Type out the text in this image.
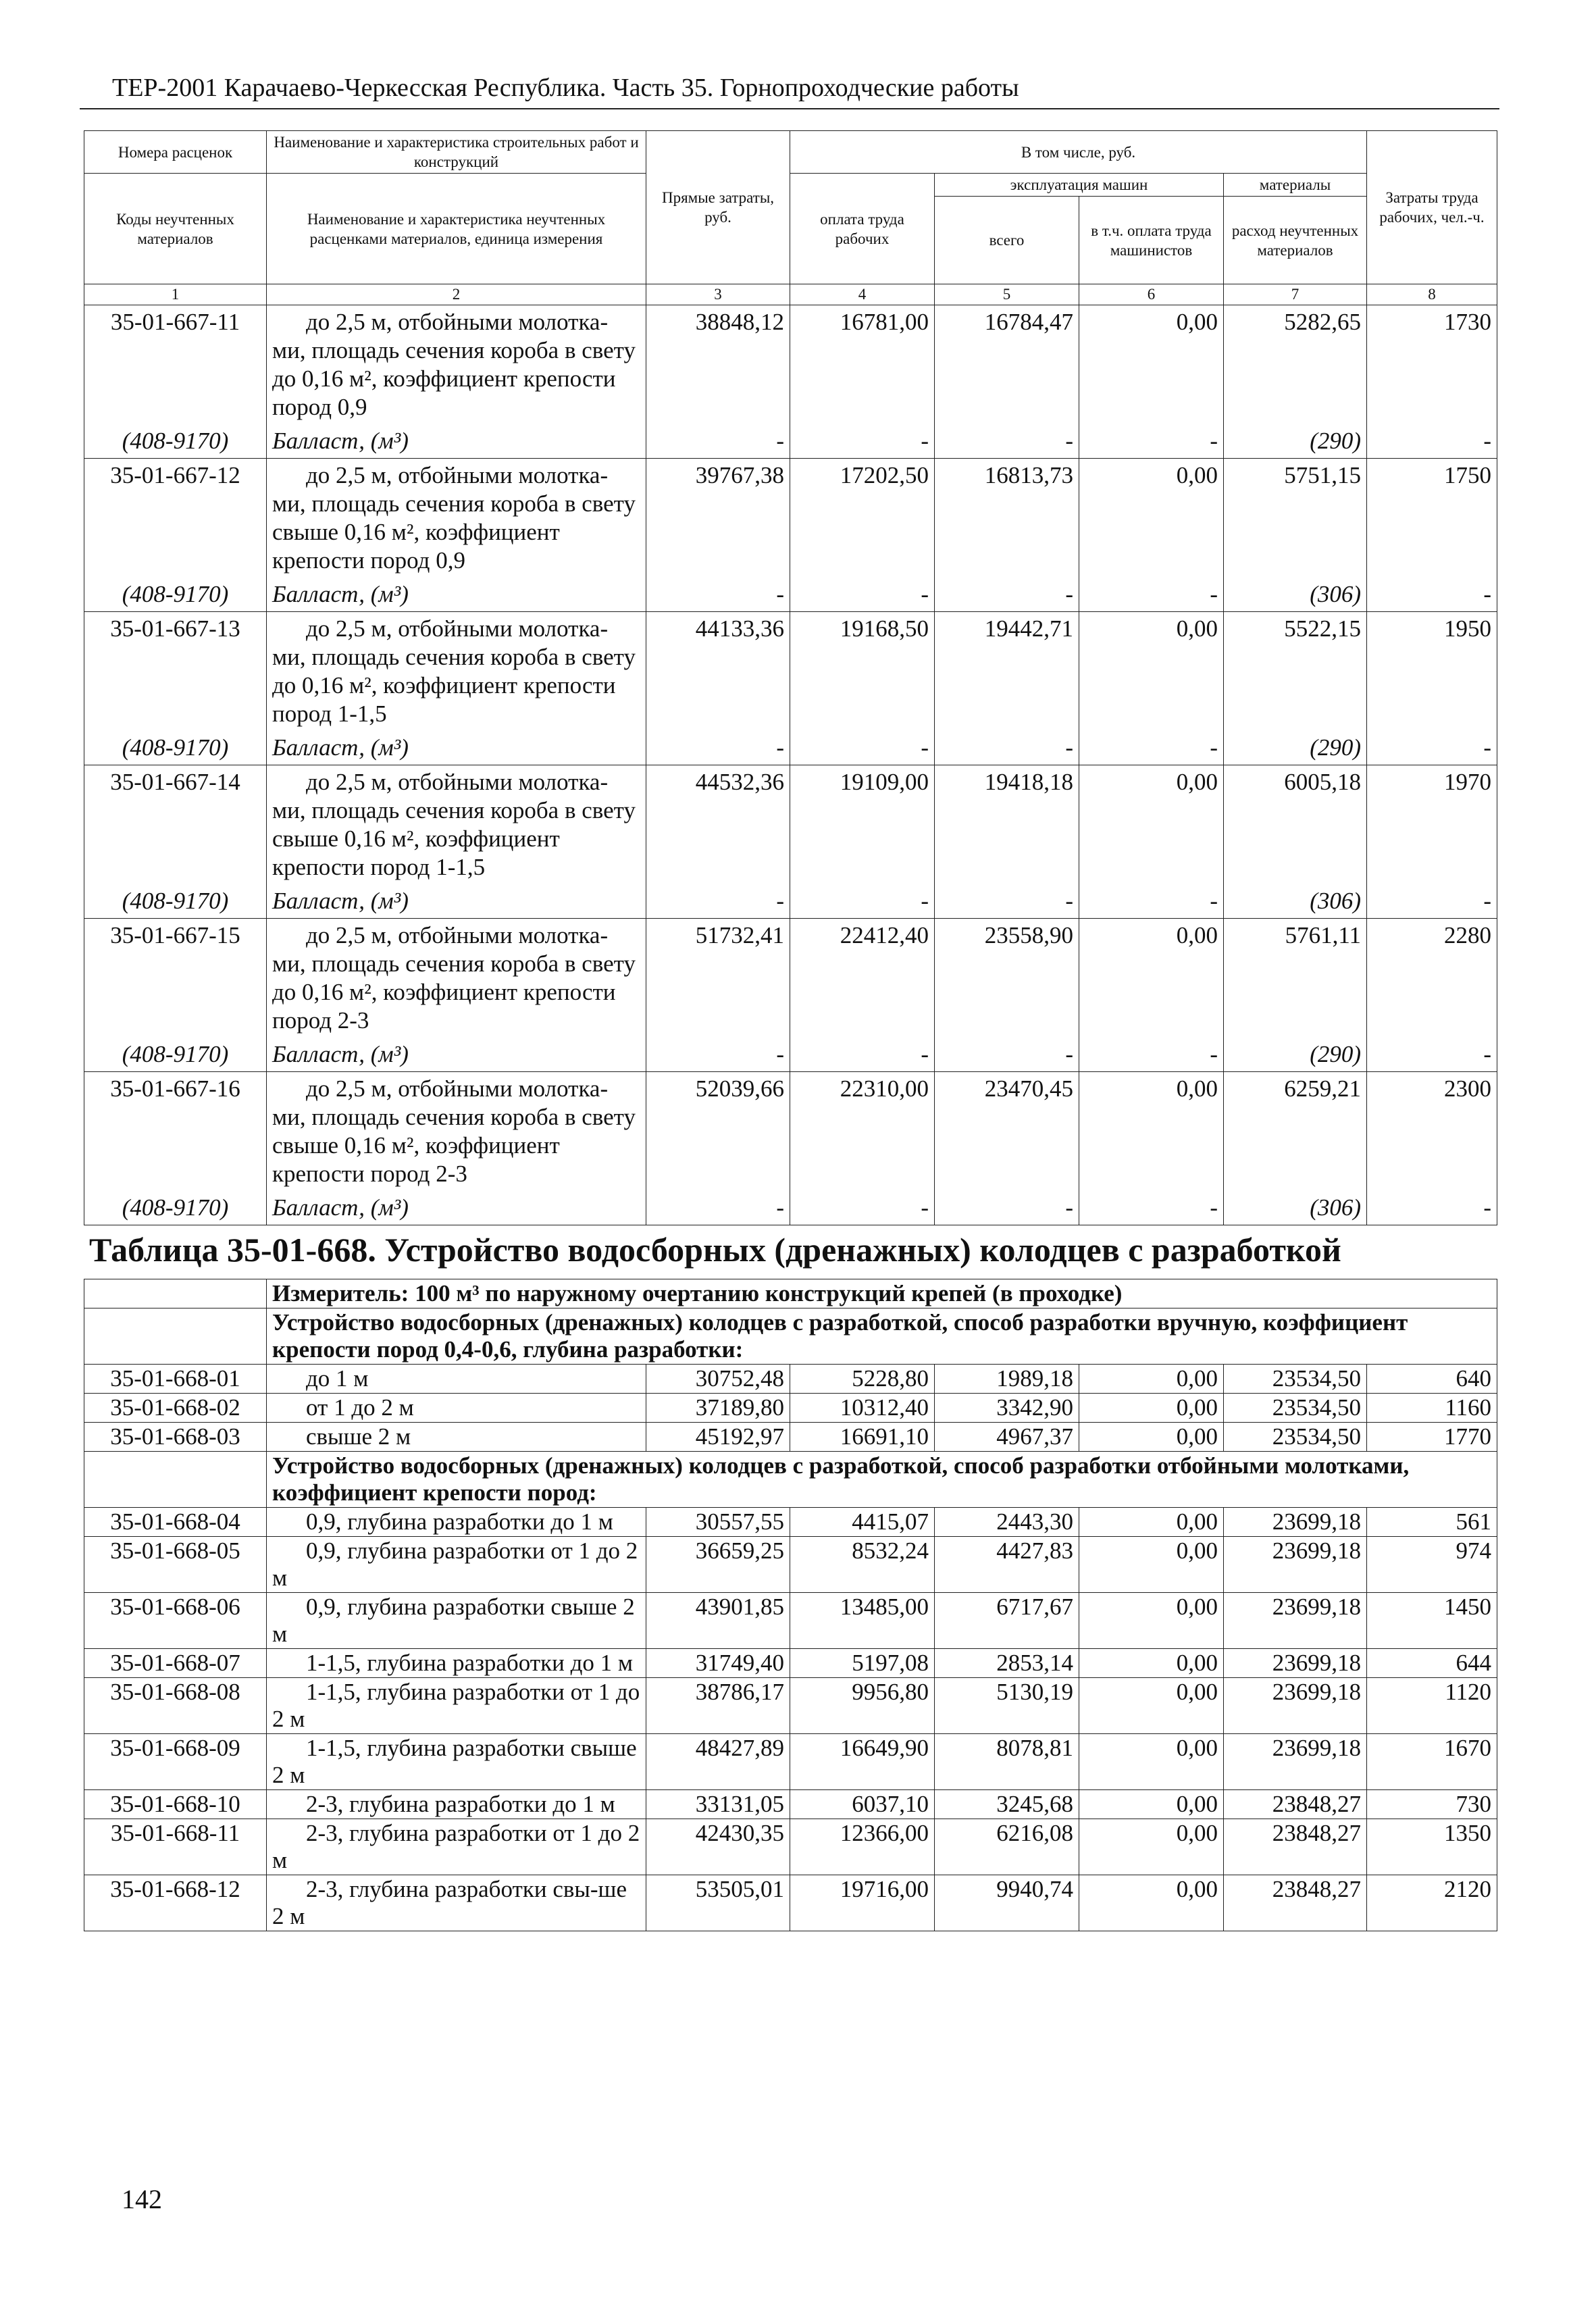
ТЕР-2001 Карачаево-Черкесская Республика. Часть 35. Горнопроходческие работы
Номера расценок	Наименование и характеристика строительных работ и конструкций	Прямые затраты, руб.	В том числе, руб.				Затраты труда рабочих, чел.-ч.
Коды неучтенных материалов	Наименование и характеристика неучтенных расценками материалов, единица измерения		оплата труда рабочих	эксплуатация машин		материалы	
				всего	в т.ч. оплата труда машинистов	расход неучтенных материалов	
1	2	3	4	5	6	7	8
35-01-667-11	до 2,5 м, отбойными молотка-ми, площадь сечения короба в свету до 0,16 м², коэффициент крепости пород 0,9	38848,12	16781,00	16784,47	0,00	5282,65	1730
(408-9170)	Балласт, (м³)	-	-	-	-	(290)	-
35-01-667-12	до 2,5 м, отбойными молотка-ми, площадь сечения короба в свету свыше 0,16 м², коэффициент крепости пород 0,9	39767,38	17202,50	16813,73	0,00	5751,15	1750
(408-9170)	Балласт, (м³)	-	-	-	-	(306)	-
35-01-667-13	до 2,5 м, отбойными молотка-ми, площадь сечения короба в свету до 0,16 м², коэффициент крепости пород 1-1,5	44133,36	19168,50	19442,71	0,00	5522,15	1950
(408-9170)	Балласт, (м³)	-	-	-	-	(290)	-
35-01-667-14	до 2,5 м, отбойными молотка-ми, площадь сечения короба в свету свыше 0,16 м², коэффициент крепости пород 1-1,5	44532,36	19109,00	19418,18	0,00	6005,18	1970
(408-9170)	Балласт, (м³)	-	-	-	-	(306)	-
35-01-667-15	до 2,5 м, отбойными молотка-ми, площадь сечения короба в свету до 0,16 м², коэффициент крепости пород 2-3	51732,41	22412,40	23558,90	0,00	5761,11	2280
(408-9170)	Балласт, (м³)	-	-	-	-	(290)	-
35-01-667-16	до 2,5 м, отбойными молотка-ми, площадь сечения короба в свету свыше 0,16 м², коэффициент крепости пород 2-3	52039,66	22310,00	23470,45	0,00	6259,21	2300
(408-9170)	Балласт, (м³)	-	-	-	-	(306)	-
Таблица 35-01-668. Устройство водосборных (дренажных) колодцев с разработкой
	Измеритель: 100 м³ по наружному очертанию конструкций крепей (в проходке)						
	Устройство водосборных (дренажных) колодцев с разработкой, способ разработки вручную, коэффициент крепости пород 0,4-0,6, глубина разработки:						
35-01-668-01	до 1 м	30752,48	5228,80	1989,18	0,00	23534,50	640
35-01-668-02	от 1 до 2 м	37189,80	10312,40	3342,90	0,00	23534,50	1160
35-01-668-03	свыше 2 м	45192,97	16691,10	4967,37	0,00	23534,50	1770
	Устройство водосборных (дренажных) колодцев с разработкой, способ разработки отбойными молотками, коэффициент крепости пород:						
35-01-668-04	0,9, глубина разработки до 1 м	30557,55	4415,07	2443,30	0,00	23699,18	561
35-01-668-05	0,9, глубина разработки от 1 до 2 м	36659,25	8532,24	4427,83	0,00	23699,18	974
35-01-668-06	0,9, глубина разработки свыше 2 м	43901,85	13485,00	6717,67	0,00	23699,18	1450
35-01-668-07	1-1,5, глубина разработки до 1 м	31749,40	5197,08	2853,14	0,00	23699,18	644
35-01-668-08	1-1,5, глубина разработки от 1 до 2 м	38786,17	9956,80	5130,19	0,00	23699,18	1120
35-01-668-09	1-1,5, глубина разработки свыше 2 м	48427,89	16649,90	8078,81	0,00	23699,18	1670
35-01-668-10	2-3, глубина разработки до 1 м	33131,05	6037,10	3245,68	0,00	23848,27	730
35-01-668-11	2-3, глубина разработки от 1 до 2 м	42430,35	12366,00	6216,08	0,00	23848,27	1350
35-01-668-12	2-3, глубина разработки свы-ше 2 м	53505,01	19716,00	9940,74	0,00	23848,27	2120
142
